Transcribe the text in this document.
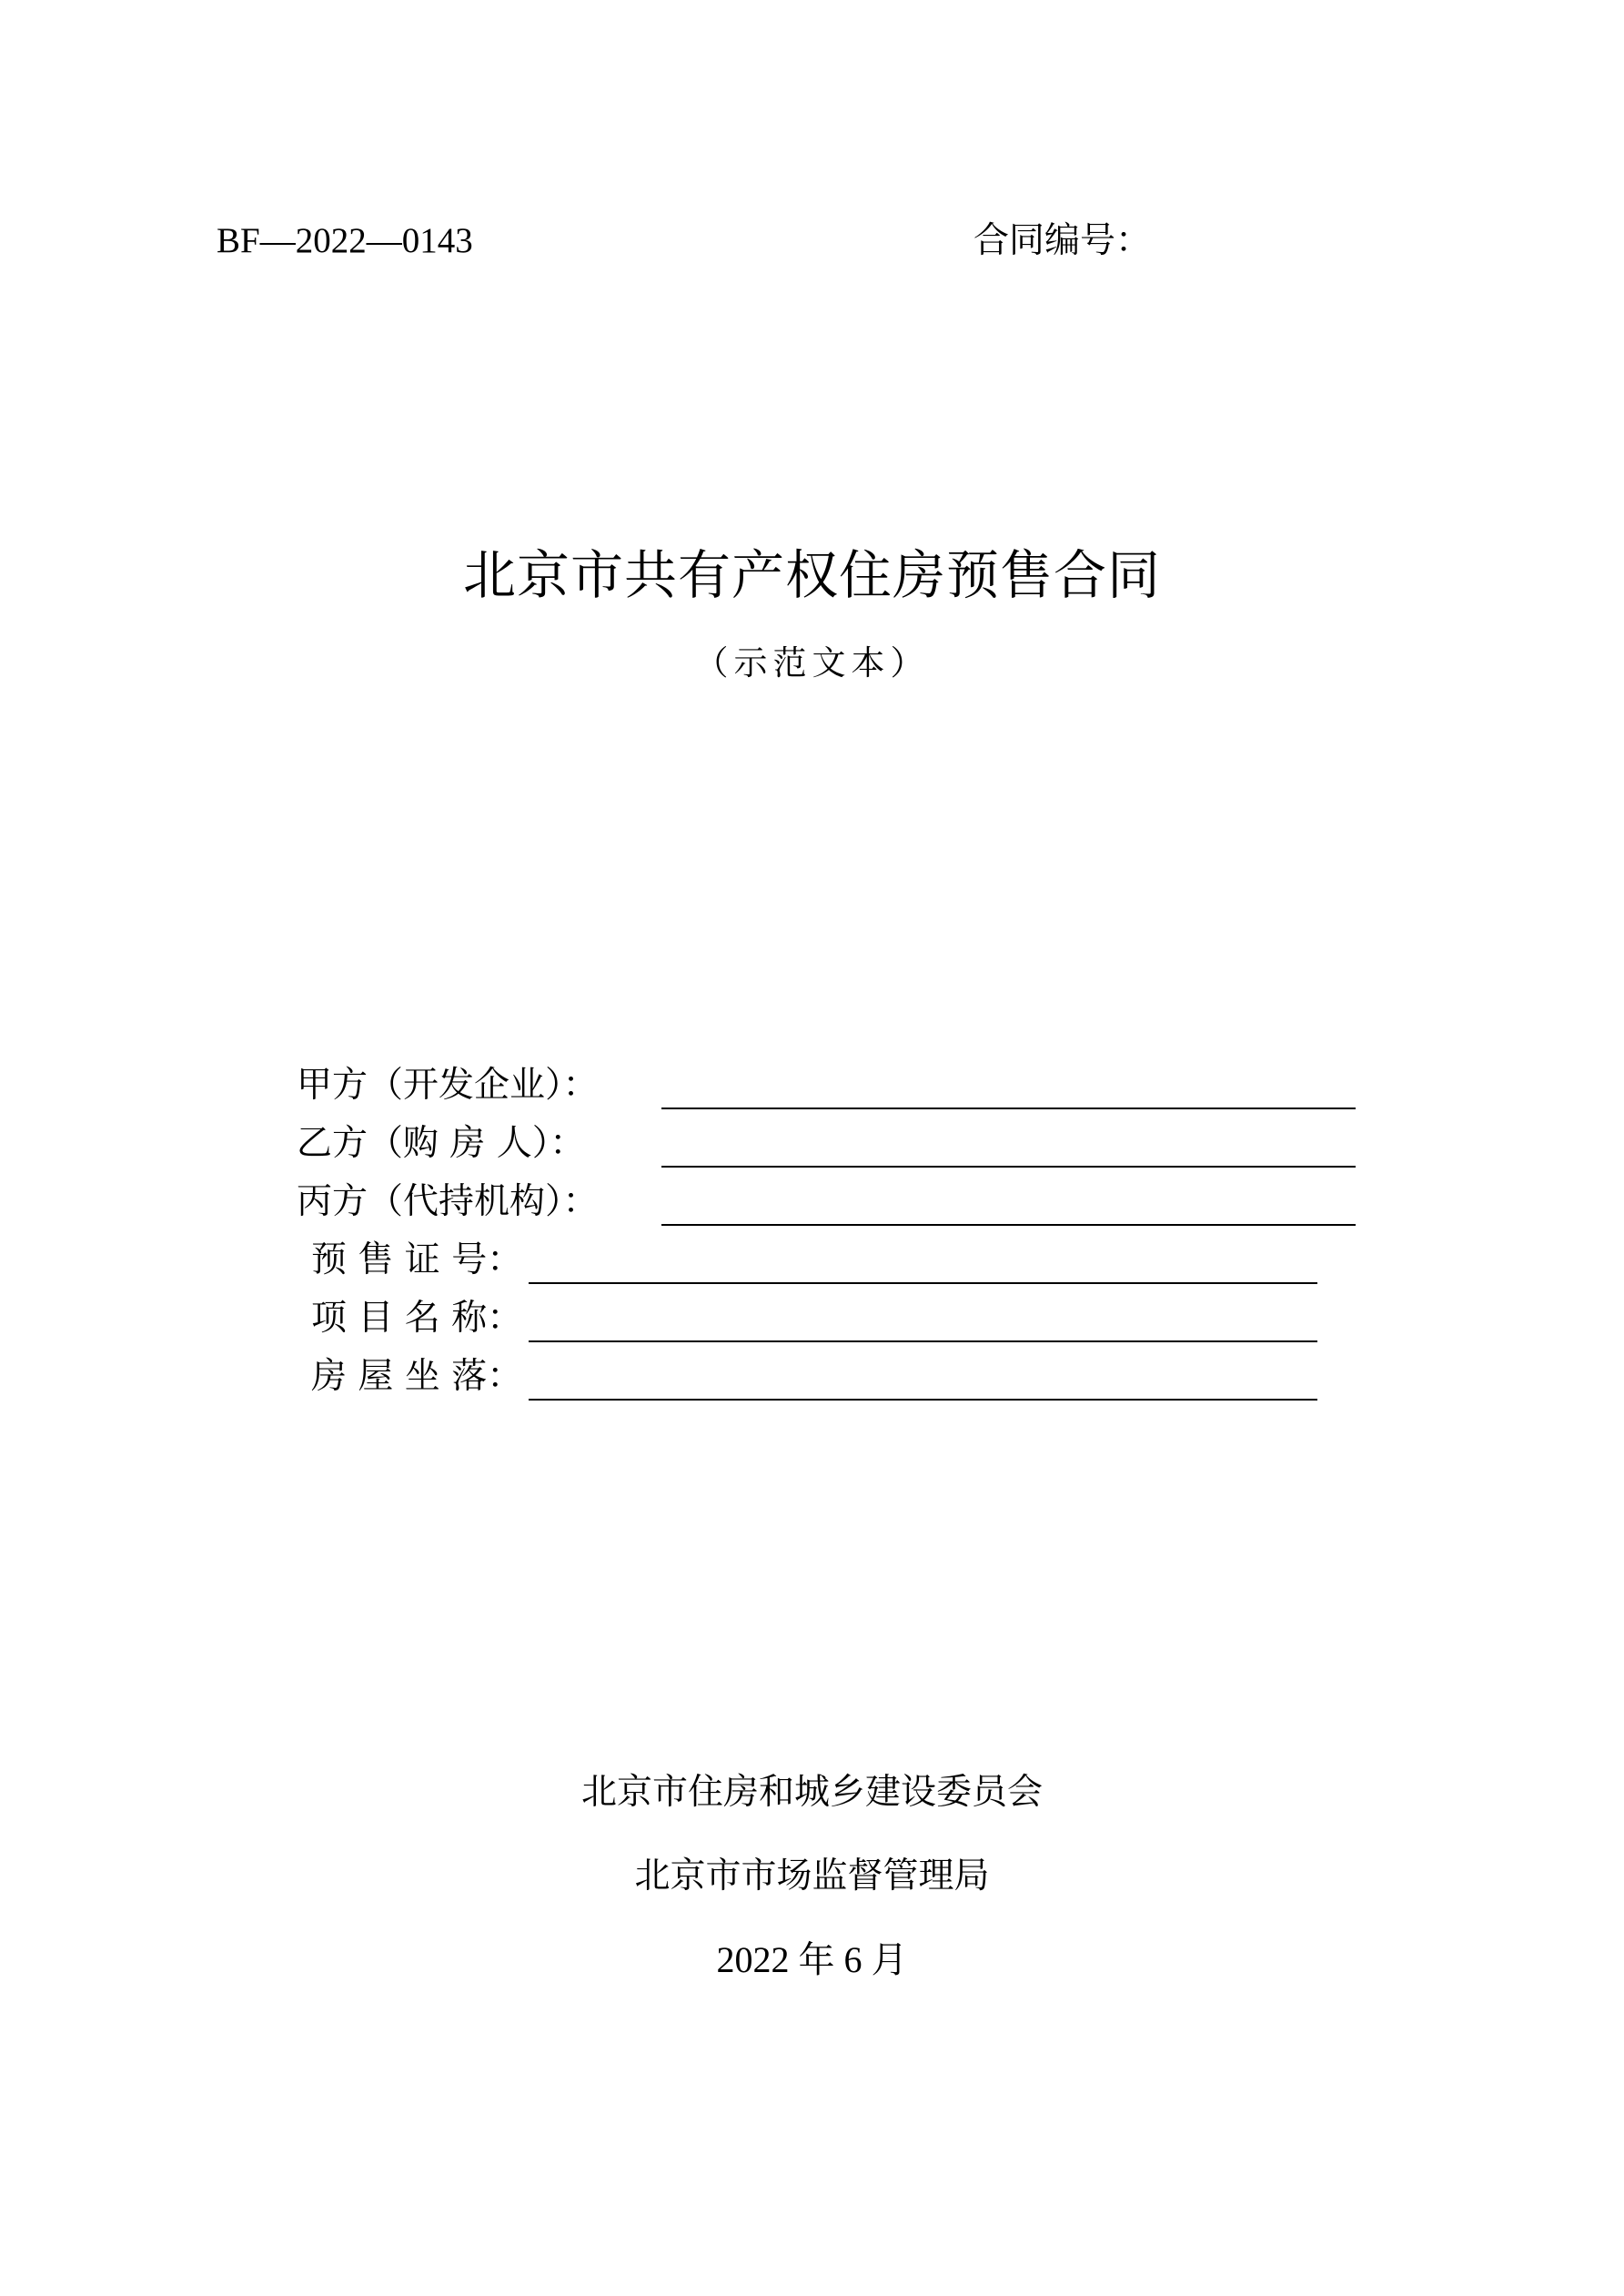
BF—2022—0143	合同编号：
北京市共有产权住房预售合同
（示范文本）
甲方（开发企业）：
乙方（购 房 人）：
丙方（代持机构）：
预 售 证 号：
项 目 名 称：
房 屋 坐 落：
北京市住房和城乡建设委员会
北京市市场监督管理局
2022 年 6 月
